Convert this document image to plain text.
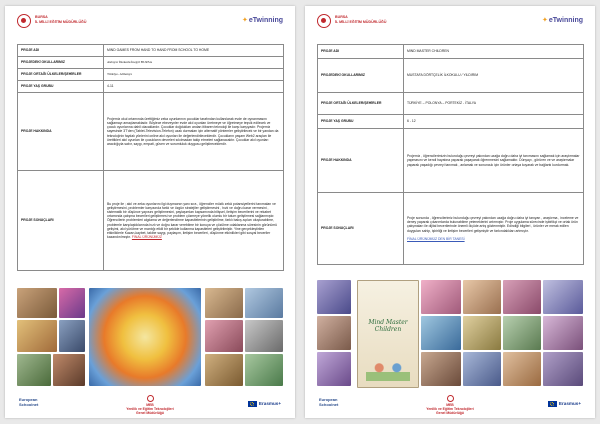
BURSA
İL MİLLİ EĞİTİM MÜDÜRLÜĞÜ	✦eTwinning
PROJE ADI	MIND GAMES FROM HAND TO HAND FROM SCHOOL TO HOME
PROJEDEKİ OKULLARIMIZ	Akbıyar İlkokulu İnegöl BURSA
PROJE ORTAĞI ÜLKELER/ŞEHİRLER	Türkiye- Almanya
PROJE YAŞ GRUBU	4-11
PROJE HAKKINDA	Projemiz okul ortamında ürettiğimiz zeka oyunlarının çocuklar tarafından kullanılarak evde de oynanmasını sağlamayı amaçlamaktadır. Böylece ebeveynler evde akıl oyunları üretmeye ve öğretmeye teşvik edilecek ve çocuk oyunlarına dahil olacaklardır. Çocuklar doğdukları andan itibaren teknoloji ile karşı karşıyadır. Projemiz sayesinde 3T'den (Tablet-Television-Telefon) uzak durmaları için alternatif yöntemler geliştirilecek ve bir yandan da teknolojinin faydalı yönlerini online akıl oyunları ile değerlendirileceklerdir. Çocukların yaşam Web2 araçları ile ürettikleri akıl oyunları ile çocukların devreleri sıkılmadan takip etmeleri sağlanacaktır. Çocuklar akıl oyunları aracılığıyla sabır, saygı, empati, güven ve sorumluluk duygusu geliştireceklerdir.
PROJE SONUÇLARI	Bu proje ile ; akıl ve zeka oyunlarını ilgi duymaının yanı sıra , öğrenciler müzik zekâ potansiyellerini tanımaları ve geliştirmesini, problemler karşısında farklı ve özgün stratejiler geliştirmesini , hızlı ve doğru karar vermesini , sistematik bir düşünce yapısını geliştirmesini, paylaşımları kapsamında bilişsel, iletişim becerilerini ve rekabet ortamında çalışma becerileri geliştirmesi ve problem çözmeye yönelik olumlu bir tutum geliştirmesi sağlanmıştır. Öğrencilerin problemleri algılama ve değerlendirme kapasitelerinin geliştirilme, farklı bakış açıları oluşturabilme, problemle karşılaştıklarında hızlı ve doğru karar verebilme bir konuya ve çözülme odaklanma süresinin görünümü gelişimi, akıl yürütme ve mantığı etkili bir şekilde kullanma kapasiteleri geliştirilmiştir. Yine gerçekleştirilen etkinliklerle Kazan-kaybet, takibe saygı, paylaşım, iletişim becerileri, düşünme etkinlikleri gibi sosyal beceriler kazandırılmıştır. FİNAL ÜRÜNÜMÜZ
European
Schoolnet	MEB
Yenilik ve Eğitim Teknolojileri
Genel Müdürlüğü
Erasmus+
BURSA
İL MİLLİ EĞİTİM MÜDÜRLÜĞÜ	✦eTwinning
PROJE ADI	MIND MASTER CHILDREN
PROJEDEKİ OKULLARIMIZ	MUSTAFA DÖRTÇELİK İLKOKULU / YILDIRIM
PROJE ORTAĞI ÜLKELER/ŞEHİRLER	TÜRKİYE – POLONYA – PORTEKİZ - İTALYA
PROJE YAŞ GRUBU	6 - 12
PROJE HAKKINDA	Projemiz , öğrencilerimizin bulunduğu çevreyi yakından uzağa doğru daha iyi tanımasını sağlamak için araştırmalar yapmasını ve kendi hayatına yaparak yaşayarak öğrenmesini sağlamaktır. Dünyayı , görüren ve ve araştırmalar yaparak yaşadığı çevreyi tanımak , anlamak ve sonuncuk için ürünler ortaya koyarak ve bağlantı kurdurmak.
PROJE SONUÇLARI	Proje sonunda , öğrencilerimiz bulunduğu çevreyi yakından uzağa doğru daha iyi tanıyan , araştırma , inceleme ve deney yaparak çıkarımlarda bulunabilme yeteneklerini artırmıştır. Proje uygulama sürecinde işbirlikçi ve ortak ürün çalışmaları ile dijital becerilerinde önemli ölçüde artış gözlenmiştir. Edindiği bilgileri , ürünler ve merak edilen duyguları sahip, işbirliği ve iletişim becerileri gelişmiştir ve farkındalıkları artmıştır.

FİNAL ÜRÜNÜMÜZ DEN BİR TANESİ
Mind Master Children
European
Schoolnet	MEB
Yenilik ve Eğitim Teknolojileri
Genel Müdürlüğü
Erasmus+
